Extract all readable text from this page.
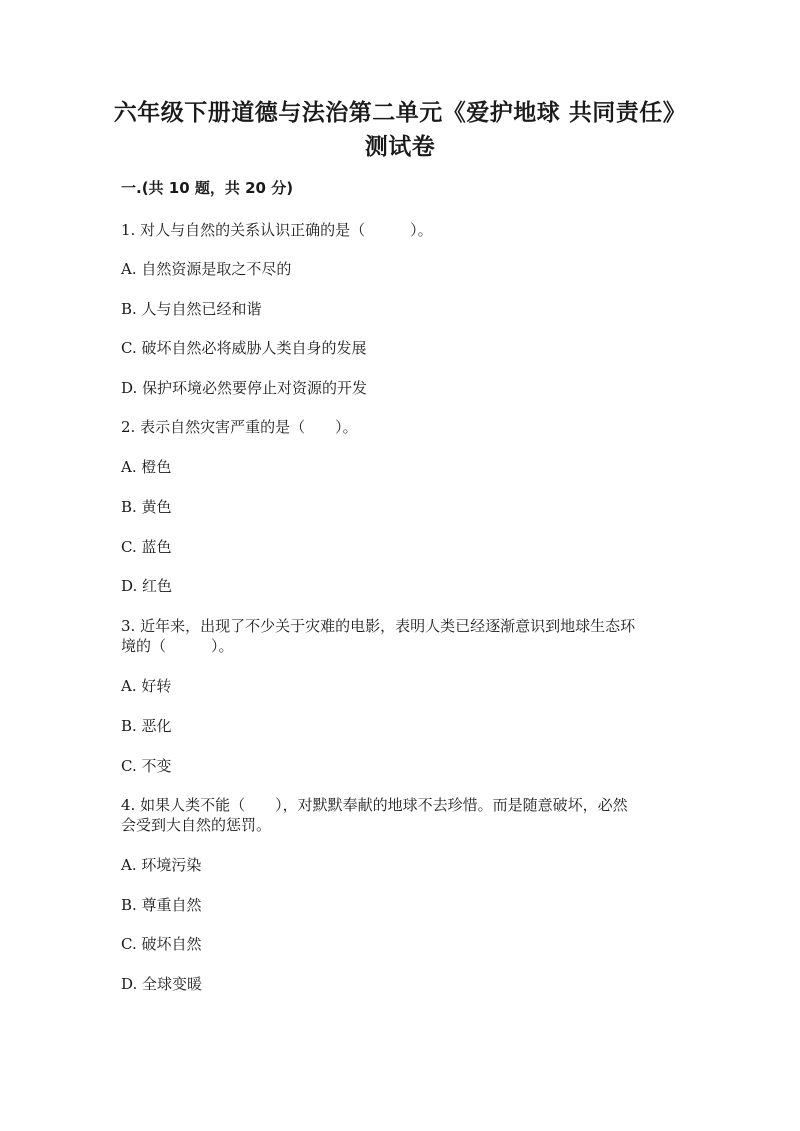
六年级下册道德与法治第二单元《爱护地球 共同责任》测试卷
一.(共 10 题，共 20 分)
1. 对人与自然的关系认识正确的是（　　　）。
A. 自然资源是取之不尽的
B. 人与自然已经和谐
C. 破坏自然必将威胁人类自身的发展
D. 保护环境必然要停止对资源的开发
2. 表示自然灾害严重的是（　　）。
A. 橙色
B. 黄色
C. 蓝色
D. 红色
3. 近年来，出现了不少关于灾难的电影，表明人类已经逐渐意识到地球生态环
境的（　　　）。
A. 好转
B. 恶化
C. 不变
4. 如果人类不能（　　），对默默奉献的地球不去珍惜。而是随意破坏，必然
会受到大自然的惩罚。
A. 环境污染
B. 尊重自然
C. 破坏自然
D. 全球变暖
